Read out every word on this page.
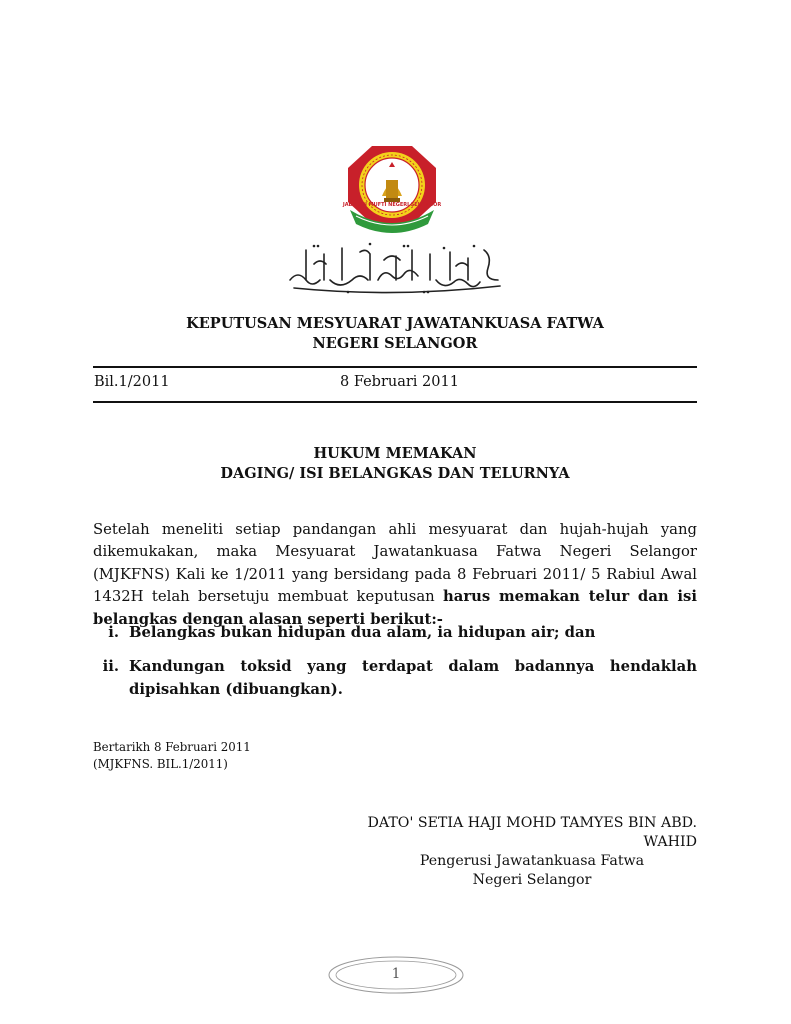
JABATAN MUFTI NEGERI SELANGOR
KEPUTUSAN MESYUARAT JAWATANKUASA FATWA
NEGERI SELANGOR
Bil.1/2011	8 Februari 2011
HUKUM MEMAKAN
DAGING/ ISI BELANGKAS DAN TELURNYA

Setelah meneliti setiap pandangan ahli mesyuarat dan hujah-hujah yang dikemukakan, maka Mesyuarat Jawatankuasa Fatwa Negeri Selangor (MJKFNS) Kali ke 1/2011 yang bersidang pada 8 Februari 2011/ 5 Rabiul Awal 1432H telah bersetuju membuat keputusan harus memakan telur dan isi belangkas dengan alasan seperti berikut:-

i. Belangkas bukan hidupan dua alam, ia hidupan air; dan
ii. Kandungan toksid yang terdapat dalam badannya hendaklah dipisahkan (dibuangkan).
Bertarikh 8 Februari 2011
(MJKFNS. BIL.1/2011)
DATO' SETIA HAJI MOHD TAMYES BIN ABD. WAHID
Pengerusi Jawatankuasa Fatwa
Negeri Selangor
1
